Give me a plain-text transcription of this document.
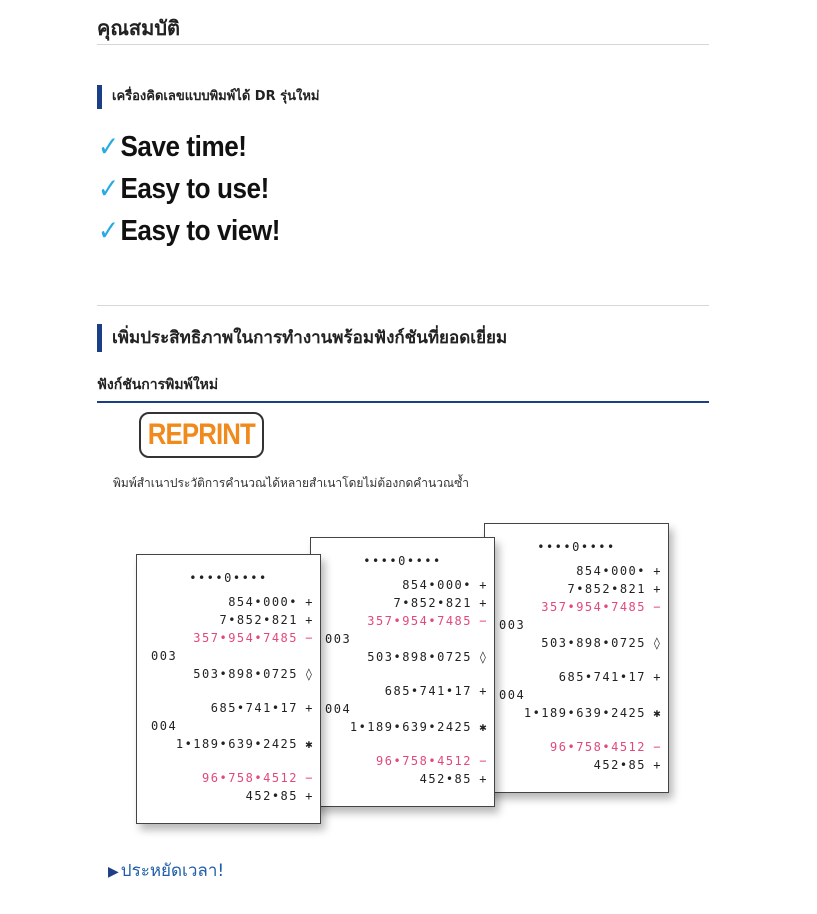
คุณสมบัติ
เครื่องคิดเลขแบบพิมพ์ได้ DR รุ่นใหม่
✓Save time!
✓Easy to use!
✓Easy to view!
เพิ่มประสิทธิภาพในการทำงานพร้อมฟังก์ชันที่ยอดเยี่ยม
ฟังก์ชันการพิมพ์ใหม่
REPRINT
พิมพ์สำเนาประวัติการคำนวณได้หลายสำเนาโดยไม่ต้องกดคำนวณซ้ำ
••••0••••
854•000• +
7•852•821 +
357•954•7485 −
003
503•898•0725 ◊
685•741•17 +
004
1•189•639•2425 ✱
96•758•4512 −
452•85 +
••••0••••
854•000• +
7•852•821 +
357•954•7485 −
003
503•898•0725 ◊
685•741•17 +
004
1•189•639•2425 ✱
96•758•4512 −
452•85 +
••••0••••
854•000• +
7•852•821 +
357•954•7485 −
003
503•898•0725 ◊
685•741•17 +
004
1•189•639•2425 ✱
96•758•4512 −
452•85 +
▶ ประหยัดเวลา!
